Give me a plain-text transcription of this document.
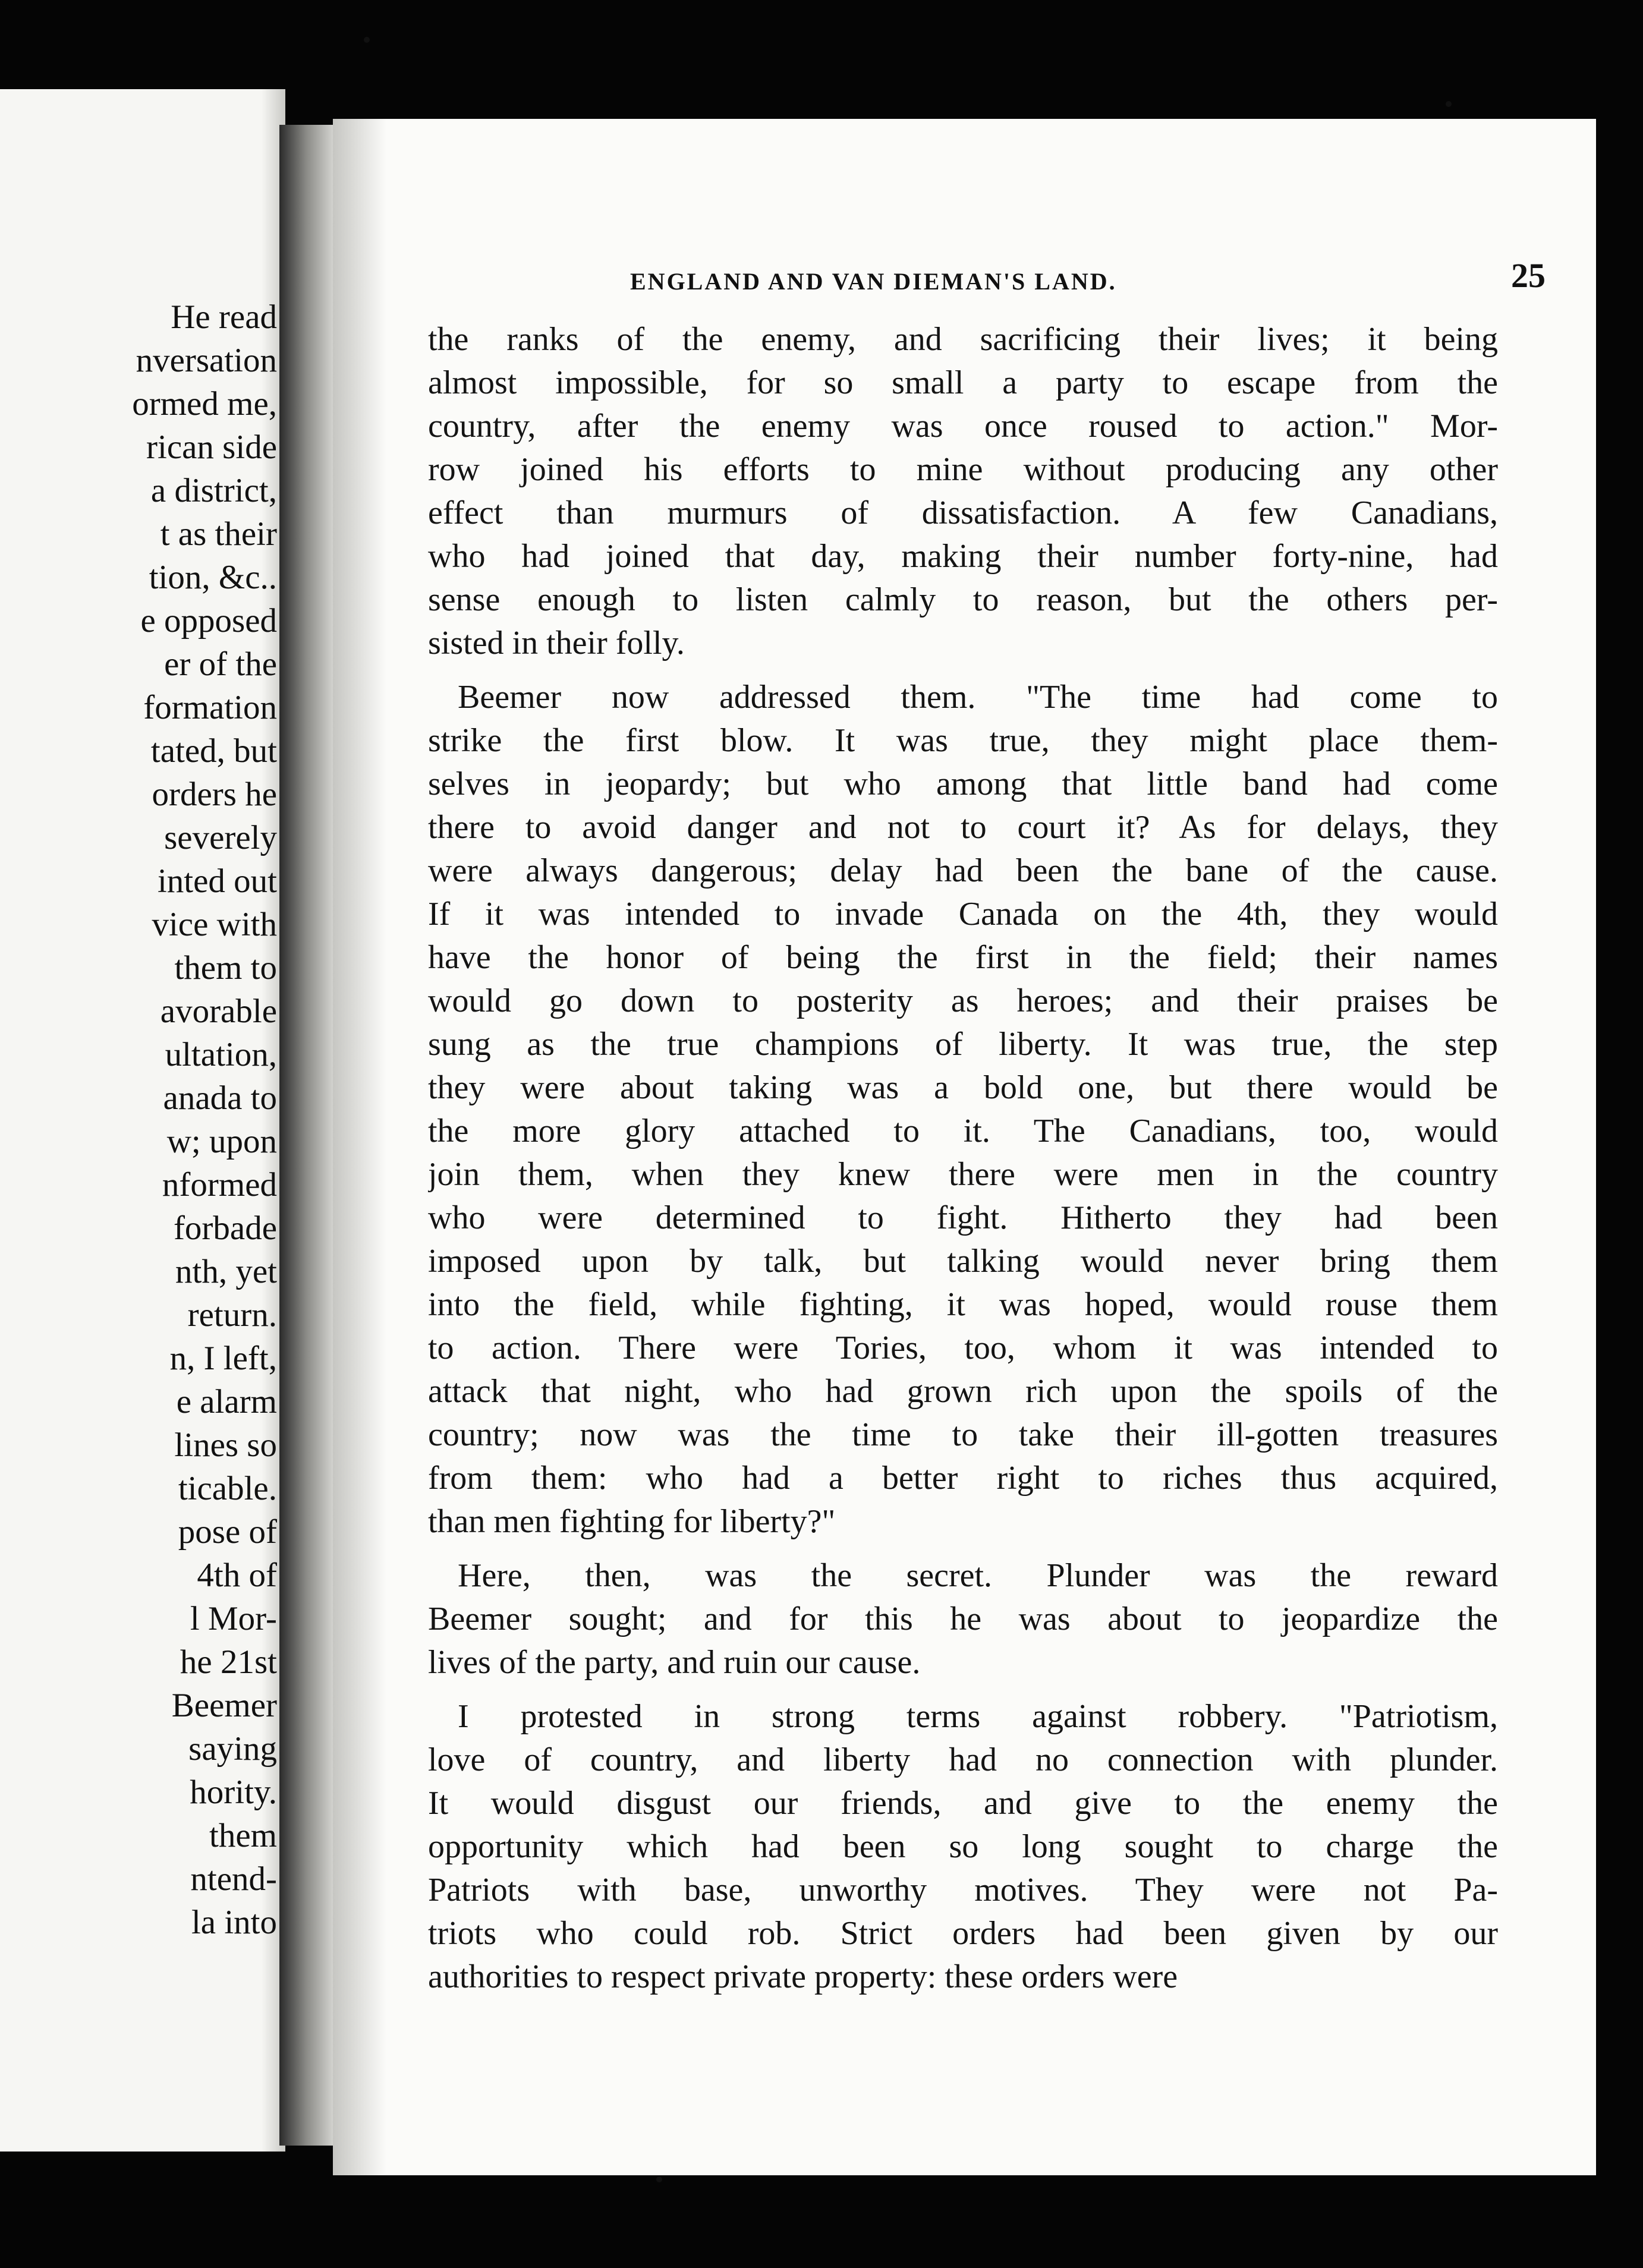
He read
nversation
ormed me,
rican side
a district,
t as their
tion, &c..
e opposed
er of the
formation
tated, but
orders he
severely
inted out
vice with
them to
avorable
ultation,
anada to
w; upon
nformed
forbade
nth, yet
return.
n, I left,
e alarm
lines so
ticable.
pose of
4th of
l Mor-
he 21st
Beemer
saying
hority.
them
ntend-
la into
ENGLAND AND VAN DIEMAN'S LAND.	25
the ranks of the enemy, and sacrificing their lives; it being
almost impossible, for so small a party to escape from the
country, after the enemy was once roused to action." Mor-
row joined his efforts to mine without producing any other
effect than murmurs of dissatisfaction. A few Canadians,
who had joined that day, making their number forty-nine, had
sense enough to listen calmly to reason, but the others per-
sisted in their folly.
Beemer now addressed them. "The time had come to
strike the first blow. It was true, they might place them-
selves in jeopardy; but who among that little band had come
there to avoid danger and not to court it? As for delays, they
were always dangerous; delay had been the bane of the cause.
If it was intended to invade Canada on the 4th, they would
have the honor of being the first in the field; their names
would go down to posterity as heroes; and their praises be
sung as the true champions of liberty. It was true, the step
they were about taking was a bold one, but there would be
the more glory attached to it. The Canadians, too, would
join them, when they knew there were men in the country
who were determined to fight. Hitherto they had been
imposed upon by talk, but talking would never bring them
into the field, while fighting, it was hoped, would rouse them
to action. There were Tories, too, whom it was intended to
attack that night, who had grown rich upon the spoils of the
country; now was the time to take their ill-gotten treasures
from them: who had a better right to riches thus acquired,
than men fighting for liberty?"
Here, then, was the secret. Plunder was the reward
Beemer sought; and for this he was about to jeopardize the
lives of the party, and ruin our cause.
I protested in strong terms against robbery. "Patriotism,
love of country, and liberty had no connection with plunder.
It would disgust our friends, and give to the enemy the
opportunity which had been so long sought to charge the
Patriots with base, unworthy motives. They were not Pa-
triots who could rob. Strict orders had been given by our
authorities to respect private property: these orders were
